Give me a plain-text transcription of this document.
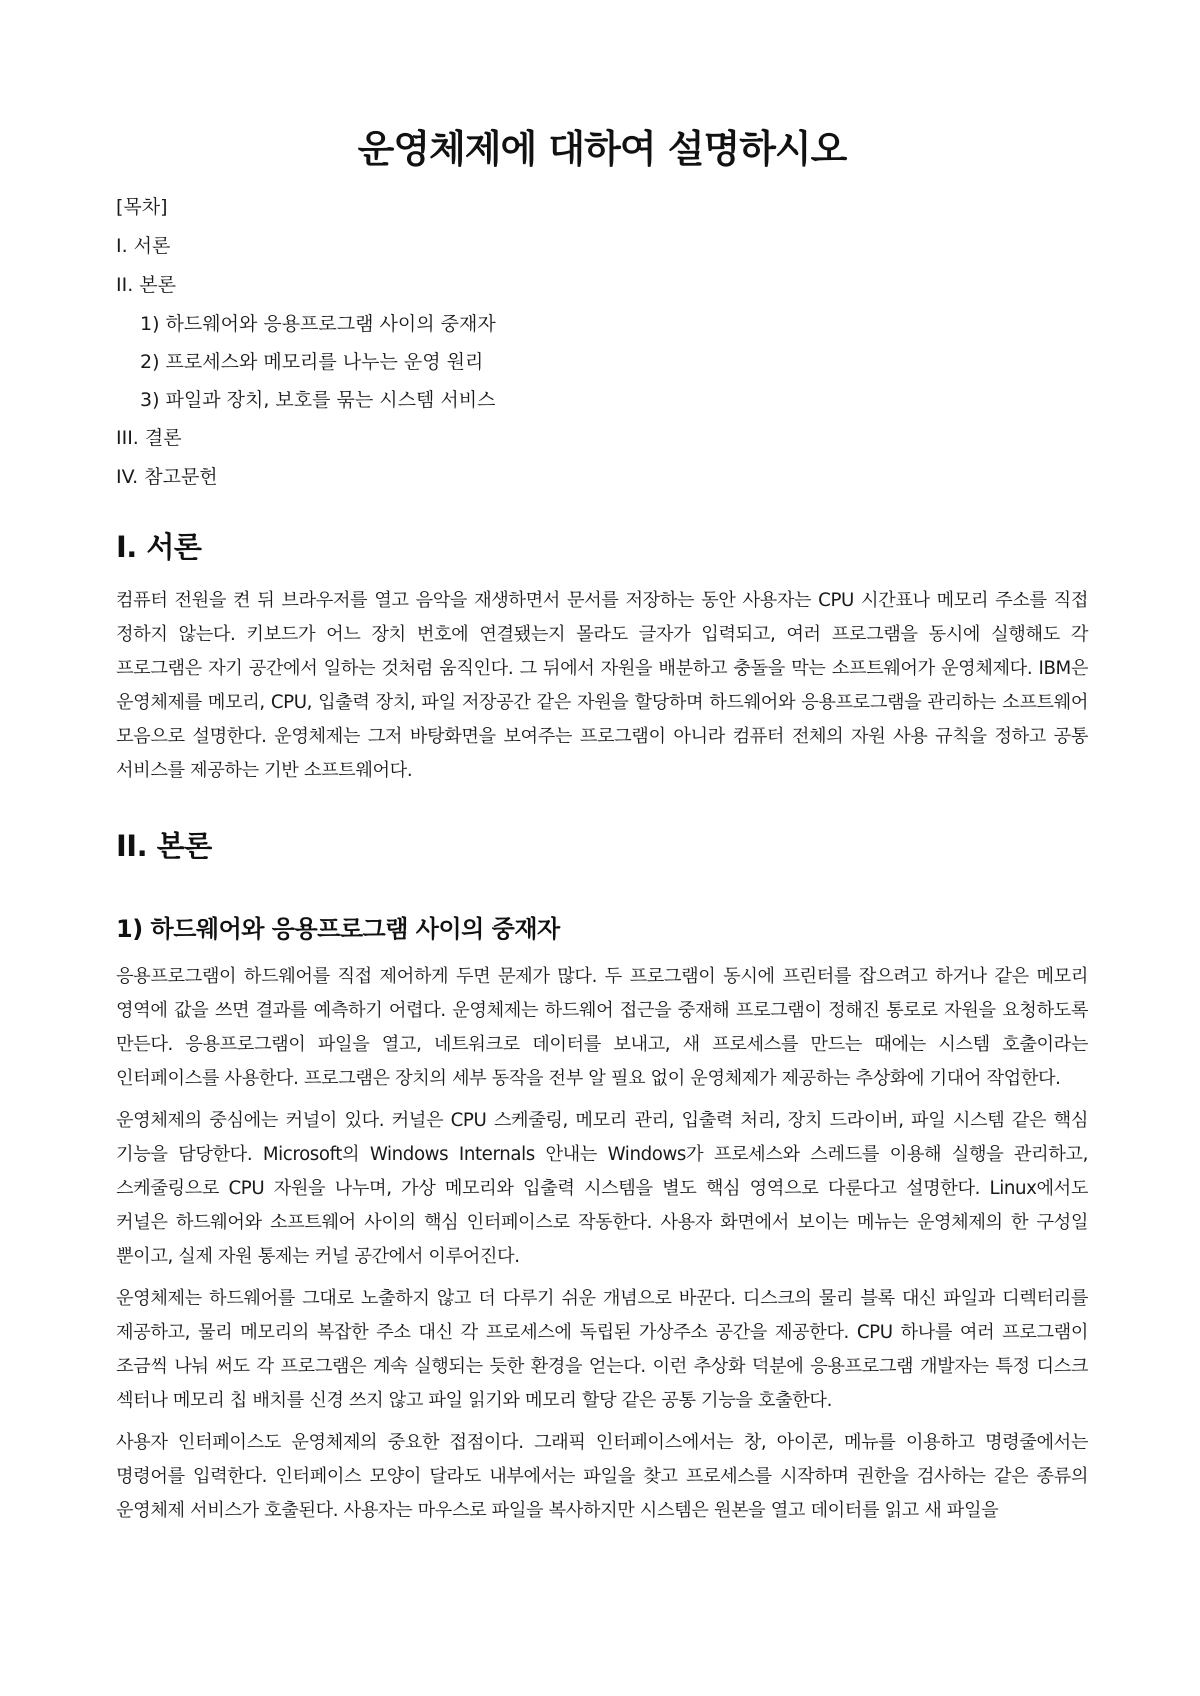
운영체제에 대하여 설명하시오
[목차]
I. 서론
II. 본론
1) 하드웨어와 응용프로그램 사이의 중재자
2) 프로세스와 메모리를 나누는 운영 원리
3) 파일과 장치, 보호를 묶는 시스템 서비스
III. 결론
IV. 참고문헌
I. 서론

컴퓨터 전원을 켠 뒤 브라우저를 열고 음악을 재생하면서 문서를 저장하는 동안 사용자는 CPU 시간표나 메모리 주소를 직접 정하지 않는다. 키보드가 어느 장치 번호에 연결됐는지 몰라도 글자가 입력되고, 여러 프로그램을 동시에 실행해도 각 프로그램은 자기 공간에서 일하는 것처럼 움직인다. 그 뒤에서 자원을 배분하고 충돌을 막는 소프트웨어가 운영체제다. IBM은 운영체제를 메모리, CPU, 입출력 장치, 파일 저장공간 같은 자원을 할당하며 하드웨어와 응용프로그램을 관리하는 소프트웨어 모음으로 설명한다. 운영체제는 그저 바탕화면을 보여주는 프로그램이 아니라 컴퓨터 전체의 자원 사용 규칙을 정하고 공통 서비스를 제공하는 기반 소프트웨어다.

II. 본론
1) 하드웨어와 응용프로그램 사이의 중재자

응용프로그램이 하드웨어를 직접 제어하게 두면 문제가 많다. 두 프로그램이 동시에 프린터를 잡으려고 하거나 같은 메모리 영역에 값을 쓰면 결과를 예측하기 어렵다. 운영체제는 하드웨어 접근을 중재해 프로그램이 정해진 통로로 자원을 요청하도록 만든다. 응용프로그램이 파일을 열고, 네트워크로 데이터를 보내고, 새 프로세스를 만드는 때에는 시스템 호출이라는 인터페이스를 사용한다. 프로그램은 장치의 세부 동작을 전부 알 필요 없이 운영체제가 제공하는 추상화에 기대어 작업한다.

운영체제의 중심에는 커널이 있다. 커널은 CPU 스케줄링, 메모리 관리, 입출력 처리, 장치 드라이버, 파일 시스템 같은 핵심 기능을 담당한다. Microsoft의 Windows Internals 안내는 Windows가 프로세스와 스레드를 이용해 실행을 관리하고, 스케줄링으로 CPU 자원을 나누며, 가상 메모리와 입출력 시스템을 별도 핵심 영역으로 다룬다고 설명한다. Linux에서도 커널은 하드웨어와 소프트웨어 사이의 핵심 인터페이스로 작동한다. 사용자 화면에서 보이는 메뉴는 운영체제의 한 구성일 뿐이고, 실제 자원 통제는 커널 공간에서 이루어진다.

운영체제는 하드웨어를 그대로 노출하지 않고 더 다루기 쉬운 개념으로 바꾼다. 디스크의 물리 블록 대신 파일과 디렉터리를 제공하고, 물리 메모리의 복잡한 주소 대신 각 프로세스에 독립된 가상주소 공간을 제공한다. CPU 하나를 여러 프로그램이 조금씩 나눠 써도 각 프로그램은 계속 실행되는 듯한 환경을 얻는다. 이런 추상화 덕분에 응용프로그램 개발자는 특정 디스크 섹터나 메모리 칩 배치를 신경 쓰지 않고 파일 읽기와 메모리 할당 같은 공통 기능을 호출한다.

사용자 인터페이스도 운영체제의 중요한 접점이다. 그래픽 인터페이스에서는 창, 아이콘, 메뉴를 이용하고 명령줄에서는 명령어를 입력한다. 인터페이스 모양이 달라도 내부에서는 파일을 찾고 프로세스를 시작하며 권한을 검사하는 같은 종류의 운영체제 서비스가 호출된다. 사용자는 마우스로 파일을 복사하지만 시스템은 원본을 열고 데이터를 읽고 새 파일을
